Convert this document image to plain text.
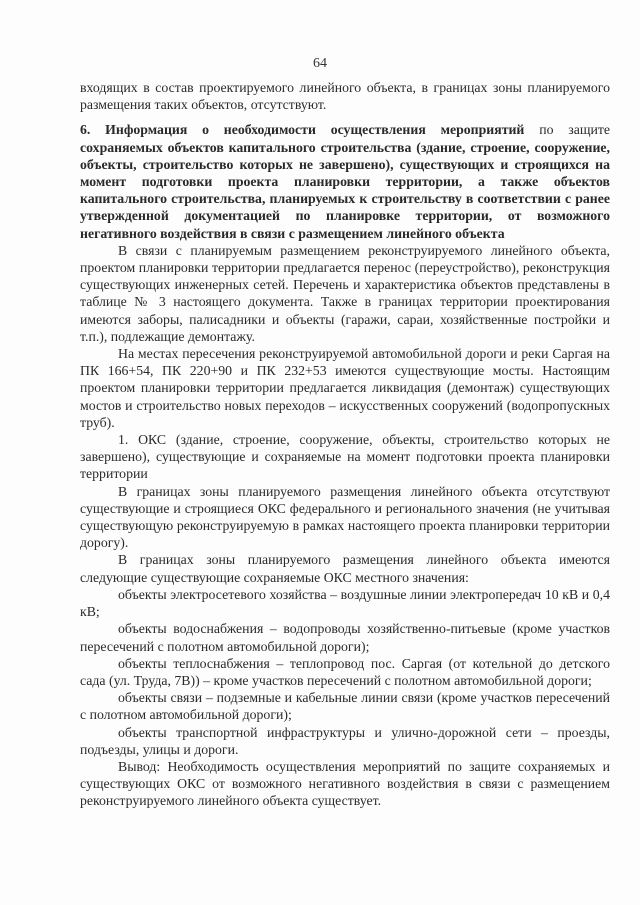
64

входящих в состав проектируемого линейного объекта, в границах зоны планируемого размещения таких объектов, отсутствуют.

6. Информация о необходимости осуществления мероприятий по защите сохраняемых объектов капитального строительства (здание, строение, сооружение, объекты, строительство которых не завершено), существующих и строящихся на момент подготовки проекта планировки территории, а также объектов капитального строительства, планируемых к строительству в соответствии с ранее утвержденной документацией по планировке территории, от возможного негативного воздействия в связи с размещением линейного объекта

В связи с планируемым размещением реконструируемого линейного объекта, проектом планировки территории предлагается перенос (переустройство), реконструкция существующих инженерных сетей. Перечень и характеристика объектов представлены в таблице № 3 настоящего документа. Также в границах территории проектирования имеются заборы, палисадники и объекты (гаражи, сараи, хозяйственные постройки и т.п.), подлежащие демонтажу.

На местах пересечения реконструируемой автомобильной дороги и реки Саргая на ПК 166+54, ПК 220+90 и ПК 232+53 имеются существующие мосты. Настоящим проектом планировки территории предлагается ликвидация (демонтаж) существующих мостов и строительство новых переходов – искусственных сооружений (водопропускных труб).

1. ОКС (здание, строение, сооружение, объекты, строительство которых не завершено), существующие и сохраняемые на момент подготовки проекта планировки территории

В границах зоны планируемого размещения линейного объекта отсутствуют существующие и строящиеся ОКС федерального и регионального значения (не учитывая существующую реконструируемую в рамках настоящего проекта планировки территории дорогу).

В границах зоны планируемого размещения линейного объекта имеются следующие существующие сохраняемые ОКС местного значения:

объекты электросетевого хозяйства – воздушные линии электропередач 10 кВ и 0,4 кВ;

объекты водоснабжения – водопроводы хозяйственно-питьевые (кроме участков пересечений с полотном автомобильной дороги);

объекты теплоснабжения – теплопровод пос. Саргая (от котельной до детского сада (ул. Труда, 7В)) – кроме участков пересечений с полотном автомобильной дороги;

объекты связи – подземные и кабельные линии связи (кроме участков пересечений с полотном автомобильной дороги);

объекты транспортной инфраструктуры и улично-дорожной сети – проезды, подъезды, улицы и дороги.

Вывод: Необходимость осуществления мероприятий по защите сохраняемых и существующих ОКС от возможного негативного воздействия в связи с размещением реконструируемого линейного объекта существует.
